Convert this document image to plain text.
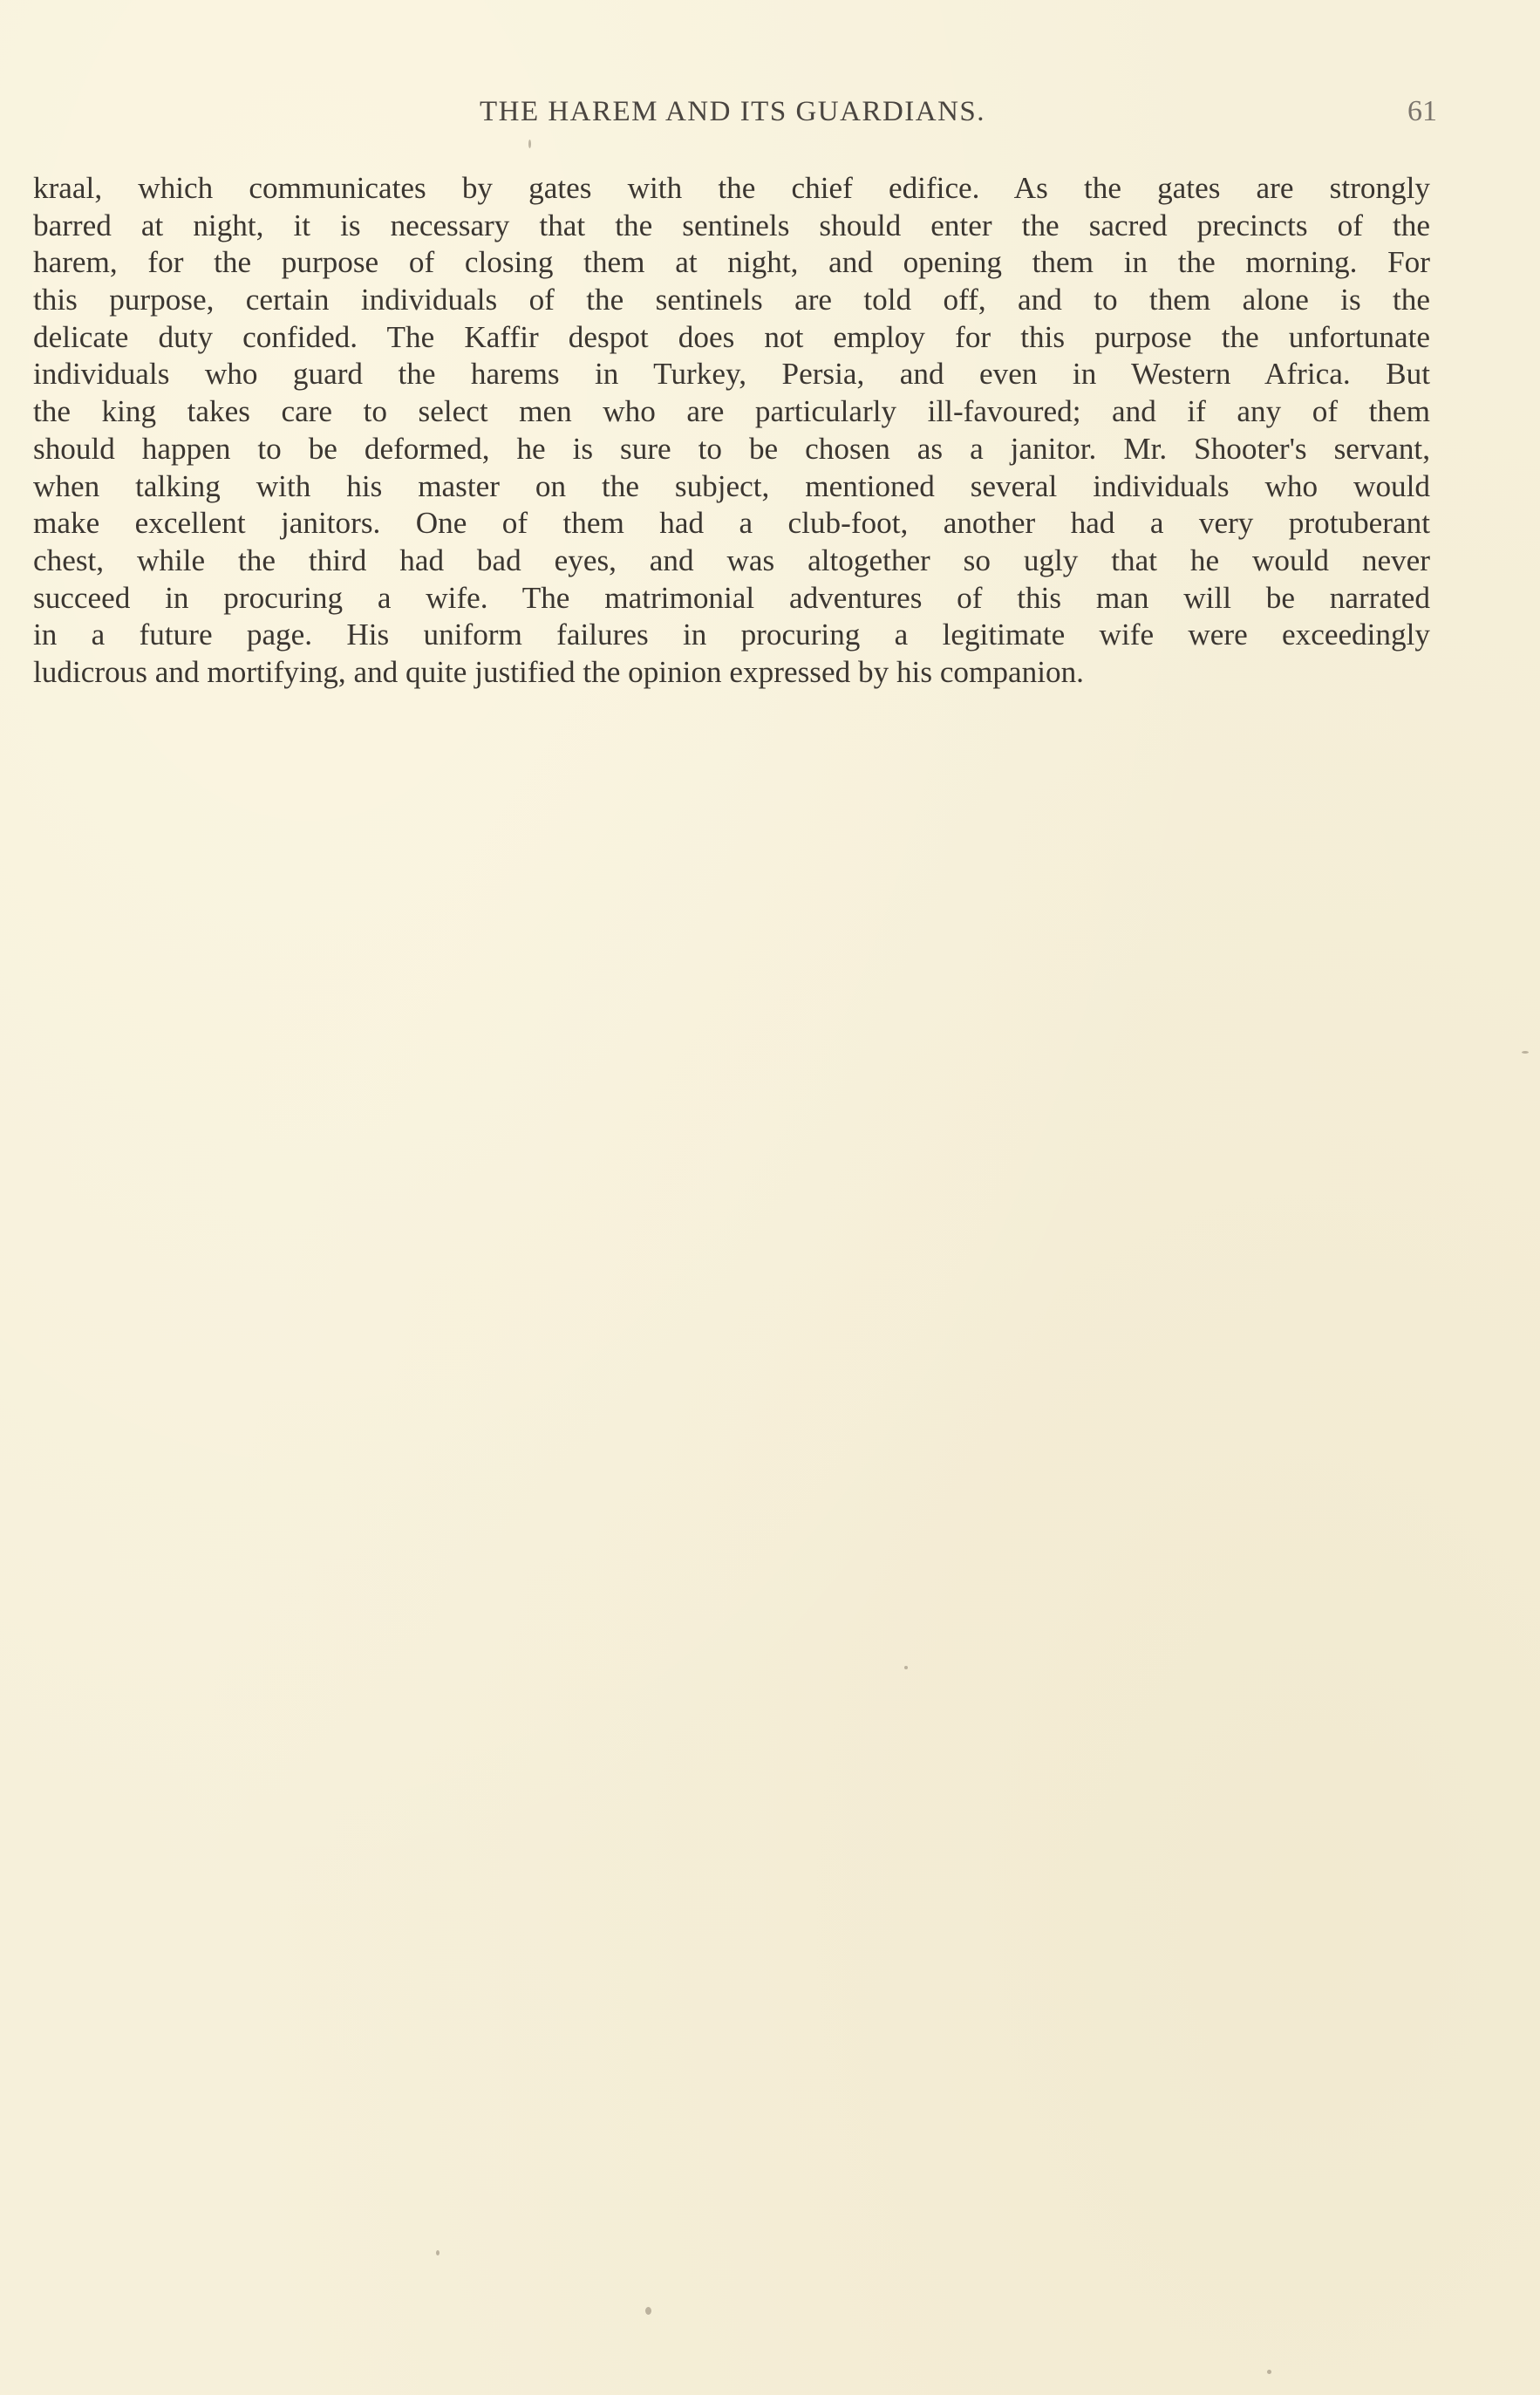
THE HAREM AND ITS GUARDIANS.	61
kraal, which communicates by gates with the chief edifice. As the gates are strongly
barred at night, it is necessary that the sentinels should enter the sacred precincts of the
harem, for the purpose of closing them at night, and opening them in the morning. For
this purpose, certain individuals of the sentinels are told off, and to them alone is the
delicate duty confided. The Kaffir despot does not employ for this purpose the unfortunate
individuals who guard the harems in Turkey, Persia, and even in Western Africa. But
the king takes care to select men who are particularly ill-favoured; and if any of them
should happen to be deformed, he is sure to be chosen as a janitor. Mr. Shooter's servant,
when talking with his master on the subject, mentioned several individuals who would
make excellent janitors. One of them had a club-foot, another had a very protuberant
chest, while the third had bad eyes, and was altogether so ugly that he would never
succeed in procuring a wife. The matrimonial adventures of this man will be narrated
in a future page. His uniform failures in procuring a legitimate wife were exceedingly
ludicrous and mortifying, and quite justified the opinion expressed by his companion.
